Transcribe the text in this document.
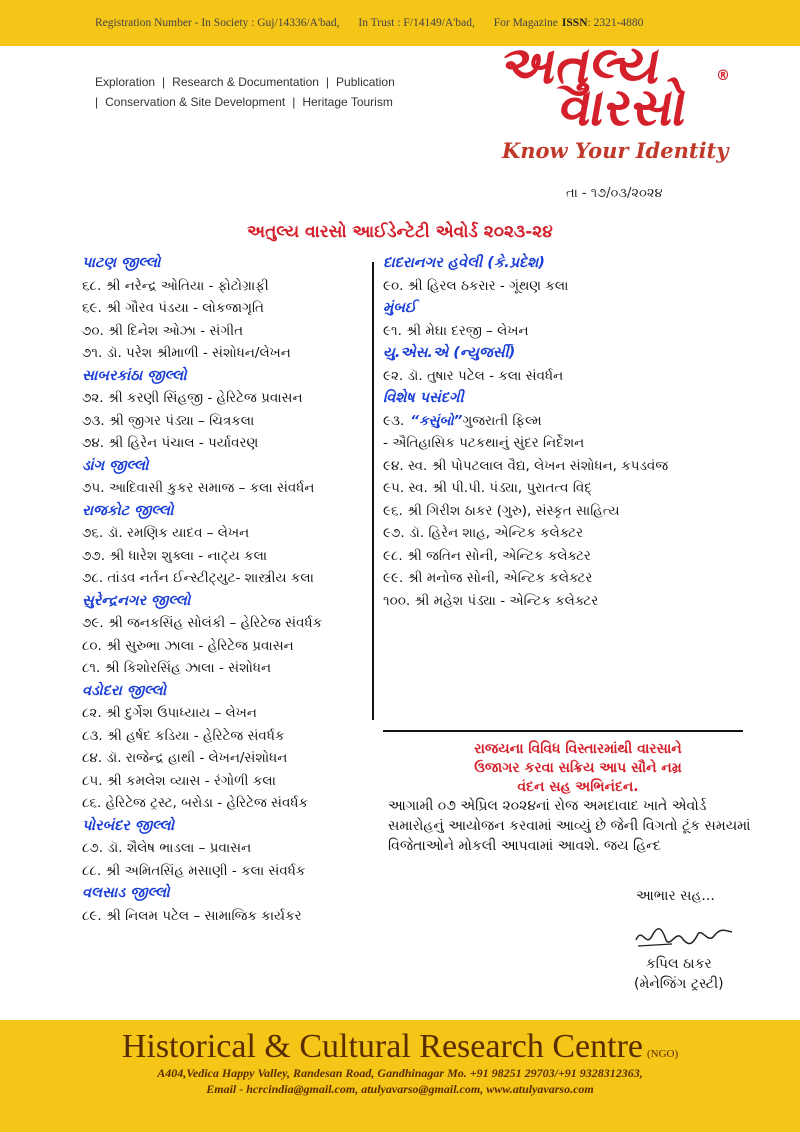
Registration Number - In Society : Guj/14336/A'bad, In Trust : F/14149/A'bad, For Magazine ISSN: 2321-4880
Exploration | Research & Documentation | Publication
| Conservation & Site Development | Heritage Tourism
અતુલ્ય
વારસો
®
Know Your Identity
તા - ૧૭/૦૩/૨૦૨૪
અતુલ્ય વારસો આઈડેન્ટેટી એવોર્ડ ૨૦૨૩-૨૪
પાટણ જીલ્લો
૬૮. શ્રી નરેન્દ્ર ઓતિયા - ફોટોગ્રાફી
૬૯. શ્રી ગૌરવ પંડયા - લોકજાગૃતિ
૭૦. શ્રી દિનેશ ઓઝા - સંગીત
૭૧. ડૉ. પરેશ શ્રીમાળી - સંશોધન/લેખન
સાબરકાંઠા જીલ્લો
૭૨. શ્રી કરણી સિંહજી - હેરિટેજ પ્રવાસન
૭૩. શ્રી જીગર પંડ્યા – ચિત્રકલા
૭૪. શ્રી હિરેન પંચાલ - પર્યાવરણ
ડાંગ જીલ્લો
૭૫. આદિવાસી કુકર સમાજ – કલા સંવર્ધન
રાજકોટ જીલ્લો
૭૬. ડૉ. રમણિક યાદવ – લેખન
૭૭. શ્રી ધારેશ શુક્લા - નાટ્ય કલા
૭૮. તાંડવ નર્તન ઈન્સ્ટીટ્યુટ- શાસ્ત્રીય કલા
સુરેન્દ્રનગર જીલ્લો
૭૯. શ્રી જનકસિંહ સોલંકી – હેરિટેજ સંવર્ધક
૮૦. શ્રી સુરુભા ઝાલા - હેરિટેજ પ્રવાસન
૮૧. શ્રી કિશોરસિંહ ઝાલા - સંશોધન
વડોદરા જીલ્લો
૮૨. શ્રી દુર્ગેશ ઉપાધ્યાય – લેખન
૮૩. શ્રી હર્ષદ કડિયા - હેરિટેજ સંવર્ધક
૮૪. ડૉ. રાજેન્દ્ર હાથી - લેખન/સંશોધન
૮૫. શ્રી કમલેશ વ્યાસ - રંગોળી કલા
૮૬. હેરિટેજ ટ્રસ્ટ, બરોડા - હેરિટેજ સંવર્ધક
પોરબંદર જીલ્લો
૮૭. ડૉ. શૈલેષ ભાડલા – પ્રવાસન
૮૮. શ્રી અમિતસિંહ મસાણી - કલા સંવર્ધક
વલસાડ જીલ્લો
૮૯. શ્રી નિલમ પટેલ – સામાજિક કાર્યકર
દાદરાનગર હવેલી (કે.પ્રદેશ)
૯૦. શ્રી હિરલ ઠકરાર - ગૂંથણ કલા
મુંબઈ
૯૧. શ્રી મેઘા દરજી – લેખન
યુ.એસ.એ (ન્યુજર્સી)
૯૨. ડૉ. તુષાર પટેલ - કલા સંવર્ધન
વિશેષ પસંદગી
૯૩. “કસુંબો”ગુજરાતી ફિલ્મ
- ઐતિહાસિક પટકથાનું સુંદર નિર્દેશન
૯૪. સ્વ. શ્રી પોપટલાલ વૈદ્ય, લેખન સંશોધન, કપડવંજ
૯૫. સ્વ. શ્રી પી.પી. પંડ્યા, પુરાતત્વ વિદ્
૯૬. શ્રી ગિરીશ ઠાકર (ગુરુ), સંસ્કૃત સાહિત્ય
૯૭. ડૉ. હિરેન શાહ, એન્ટિક કલેક્ટર
૯૮. શ્રી જતિન સોની, એન્ટિક કલેક્ટર
૯૯. શ્રી મનોજ સોની, એન્ટિક કલેક્ટર
૧૦૦. શ્રી મહેશ પંડ્યા - એન્ટિક કલેક્ટર
રાજયના વિવિધ વિસ્તારમાંથી વારસાને
ઉજાગર કરવા સક્રિય આપ સૌને નમ્ર
વંદન સહ અભિનંદન.
આગામી ૦૭ એપ્રિલ ૨૦૨૪નાં રોજ અમદાવાદ ખાતે એવોર્ડ સમારોહનું આયોજન કરવામાં આવ્યું છે જેની વિગતો ટૂંક સમયમાં વિજેતાઓને મોકલી આપવામાં આવશે. જય હિન્દ
આભાર સહ...
કપિલ ઠાકર
(મેનેજિંગ ટ્રસ્ટી)
Historical & Cultural Research Centre (NGO)
A404,Vedica Happy Valley, Randesan Road, Gandhinagar Mo. +91 98251 29703/+91 9328312363,
Email - hcrcindia@gmail.com, atulyavarso@gmail.com, www.atulyavarso.com
